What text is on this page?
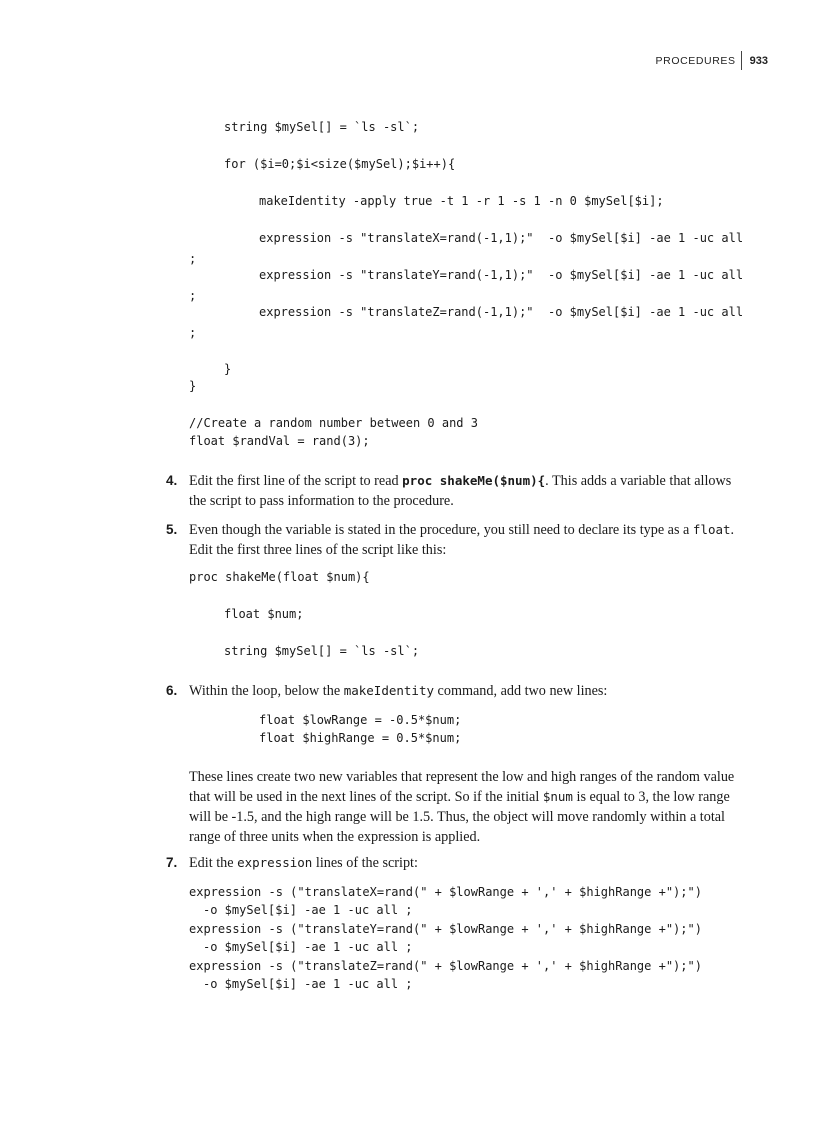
PROCEDURES 933
string $mySel[] = `ls -sl`;
for ($i=0;$i<size($mySel);$i++){
makeIdentity -apply true -t 1 -r 1 -s 1 -n 0 $mySel[$i];
expression -s "translateX=rand(-1,1);"  -o $mySel[$i] -ae 1 -uc all
;
expression -s "translateY=rand(-1,1);"  -o $mySel[$i] -ae 1 -uc all
;
expression -s "translateZ=rand(-1,1);"  -o $mySel[$i] -ae 1 -uc all
;
}
}
//Create a random number between 0 and 3
float $randVal = rand(3);
4. Edit the first line of the script to read proc shakeMe($num){. This adds a variable that allows the script to pass information to the procedure.
5. Even though the variable is stated in the procedure, you still need to declare its type as a float. Edit the first three lines of the script like this:
proc shakeMe(float $num){
float $num;
string $mySel[] = `ls -sl`;
6. Within the loop, below the makeIdentity command, add two new lines:
float $lowRange = -0.5*$num;
float $highRange = 0.5*$num;
These lines create two new variables that represent the low and high ranges of the random value that will be used in the next lines of the script. So if the initial $num is equal to 3, the low range will be -1.5, and the high range will be 1.5. Thus, the object will move randomly within a total range of three units when the expression is applied.
7. Edit the expression lines of the script:
expression -s ("translateX=rand(" + $lowRange + ',' + $highRange +");")
-o $mySel[$i] -ae 1 -uc all ;
expression -s ("translateY=rand(" + $lowRange + ',' + $highRange +");")
-o $mySel[$i] -ae 1 -uc all ;
expression -s ("translateZ=rand(" + $lowRange + ',' + $highRange +");")
-o $mySel[$i] -ae 1 -uc all ;
